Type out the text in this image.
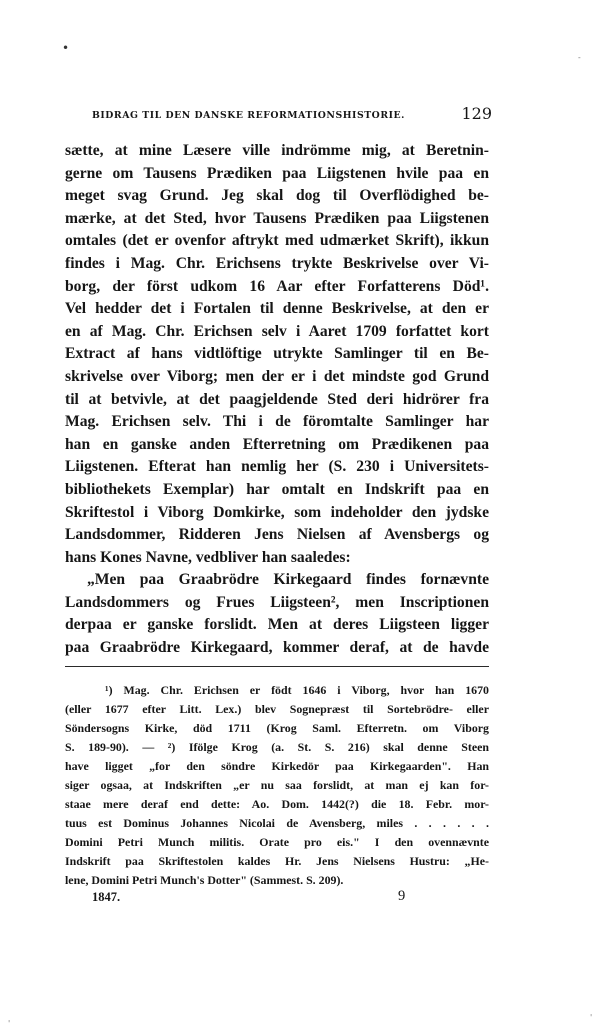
•
-
'
'
BIDRAG TIL DEN DANSKE REFORMATIONSHISTORIE.	129
sætte, at mine Læsere ville indrömme mig, at Beretnin-
gerne om Tausens Prædiken paa Liigstenen hvile paa en
meget svag Grund. Jeg skal dog til Overflödighed be-
mærke, at det Sted, hvor Tausens Prædiken paa Liigstenen
omtales (det er ovenfor aftrykt med udmærket Skrift), ikkun
findes i Mag. Chr. Erichsens trykte Beskrivelse over Vi-
borg, der först udkom 16 Aar efter Forfatterens Död¹.
Vel hedder det i Fortalen til denne Beskrivelse, at den er
en af Mag. Chr. Erichsen selv i Aaret 1709 forfattet kort
Extract af hans vidtlöftige utrykte Samlinger til en Be-
skrivelse over Viborg; men der er i det mindste god Grund
til at betvivle, at det paagjeldende Sted deri hidrörer fra
Mag. Erichsen selv. Thi i de föromtalte Samlinger har
han en ganske anden Efterretning om Prædikenen paa
Liigstenen. Efterat han nemlig her (S. 230 i Universitets-
bibliothekets Exemplar) har omtalt en Indskrift paa en
Skriftestol i Viborg Domkirke, som indeholder den jydske
Landsdommer, Ridderen Jens Nielsen af Avensbergs og
hans Kones Navne, vedbliver han saaledes:
„Men paa Graabrödre Kirkegaard findes fornævnte
Landsdommers og Frues Liigsteen², men Inscriptionen
derpaa er ganske forslidt. Men at deres Liigsteen ligger
paa Graabrödre Kirkegaard, kommer deraf, at de havde
¹) Mag. Chr. Erichsen er födt 1646 i Viborg, hvor han 1670
(eller 1677 efter Litt. Lex.) blev Sognepræst til Sortebrödre- eller
Söndersogns Kirke, död 1711 (Krog Saml. Efterretn. om Viborg
S. 189-90). — ²) Ifölge Krog (a. St. S. 216) skal denne Steen
have ligget „for den söndre Kirkedör paa Kirkegaarden". Han
siger ogsaa, at Indskriften „er nu saa forslidt, at man ej kan for-
staae mere deraf end dette: Ao. Dom. 1442(?) die 18. Febr. mor-
tuus est Dominus Johannes Nicolai de Avensberg, miles . . . . . .
Domini Petri Munch militis. Orate pro eis." I den ovennævnte
Indskrift paa Skriftestolen kaldes Hr. Jens Nielsens Hustru: „He-
lene, Domini Petri Munch's Dotter" (Sammest. S. 209).
1847.	9
